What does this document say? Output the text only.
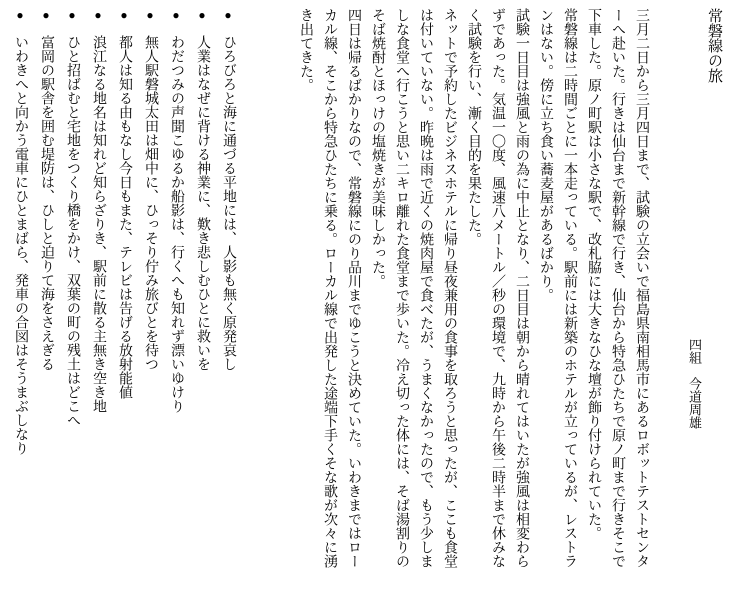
常磐線の旅
四組　今道周雄

三月二日から三月四日まで、試験の立会いで福島県南相馬市にあるロボットテストセンターへ赴いた。行きは仙台まで新幹線で行き、仙台から特急ひたちで原ノ町まで行きそこで下車した。原ノ町駅は小さな駅で、改札脇には大きなひな壇が飾り付けられていた。

常磐線は二時間ごとに一本走っている。駅前には新築のホテルが立っているが、レストランはない。傍に立ち食い蕎麦屋があるばかり。

試験一日目は強風と雨の為に中止となり、二日目は朝から晴れてはいたが強風は相変わらずであった。気温一〇度、風速八メートル／秒の環境で、九時から午後二時半まで休みなく試験を行い、漸く目的を果たした。

ネットで予約したビジネスホテルに帰り昼夜兼用の食事を取ろうと思ったが、ここも食堂は付いていない。昨晩は雨で近くの焼肉屋で食べたが、うまくなかったので、もう少しましな食堂へ行こうと思い二キロ離れた食堂まで歩いた。冷え切った体には、そば湯割りのそば焼酎とほっけの塩焼きが美味しかった。

四日は帰るばかりなので、常磐線にのり品川までゆこうと決めていた。いわきまではローカル線、そこから特急ひたちに乗る。ローカル線で出発した途端下手くそな歌が次々に湧き出てきた。

●ひろびろと海に通づる平地には、人影も無く原発哀し
●人業はなぜに背ける神業に、歎き悲しむひとに救いを
●わだつみの声聞こゆるか船影は、行くへも知れず漂いゆけり
●無人駅磐城太田は畑中に、ひっそり佇み旅びとを待つ
●都人は知る由もなし今日もまた、テレビは告げる放射能値
●浪江なる地名は知れど知らざりき、駅前に散る主無き空き地
●ひと招ばむと宅地をつくり橋をかけ、双葉の町の残土はどこへ
●富岡の駅舎を囲む堤防は、ひしと迫りて海をさえぎる
●いわきへと向かう電車にひとまばら、発車の合図はそうまぶしなり
